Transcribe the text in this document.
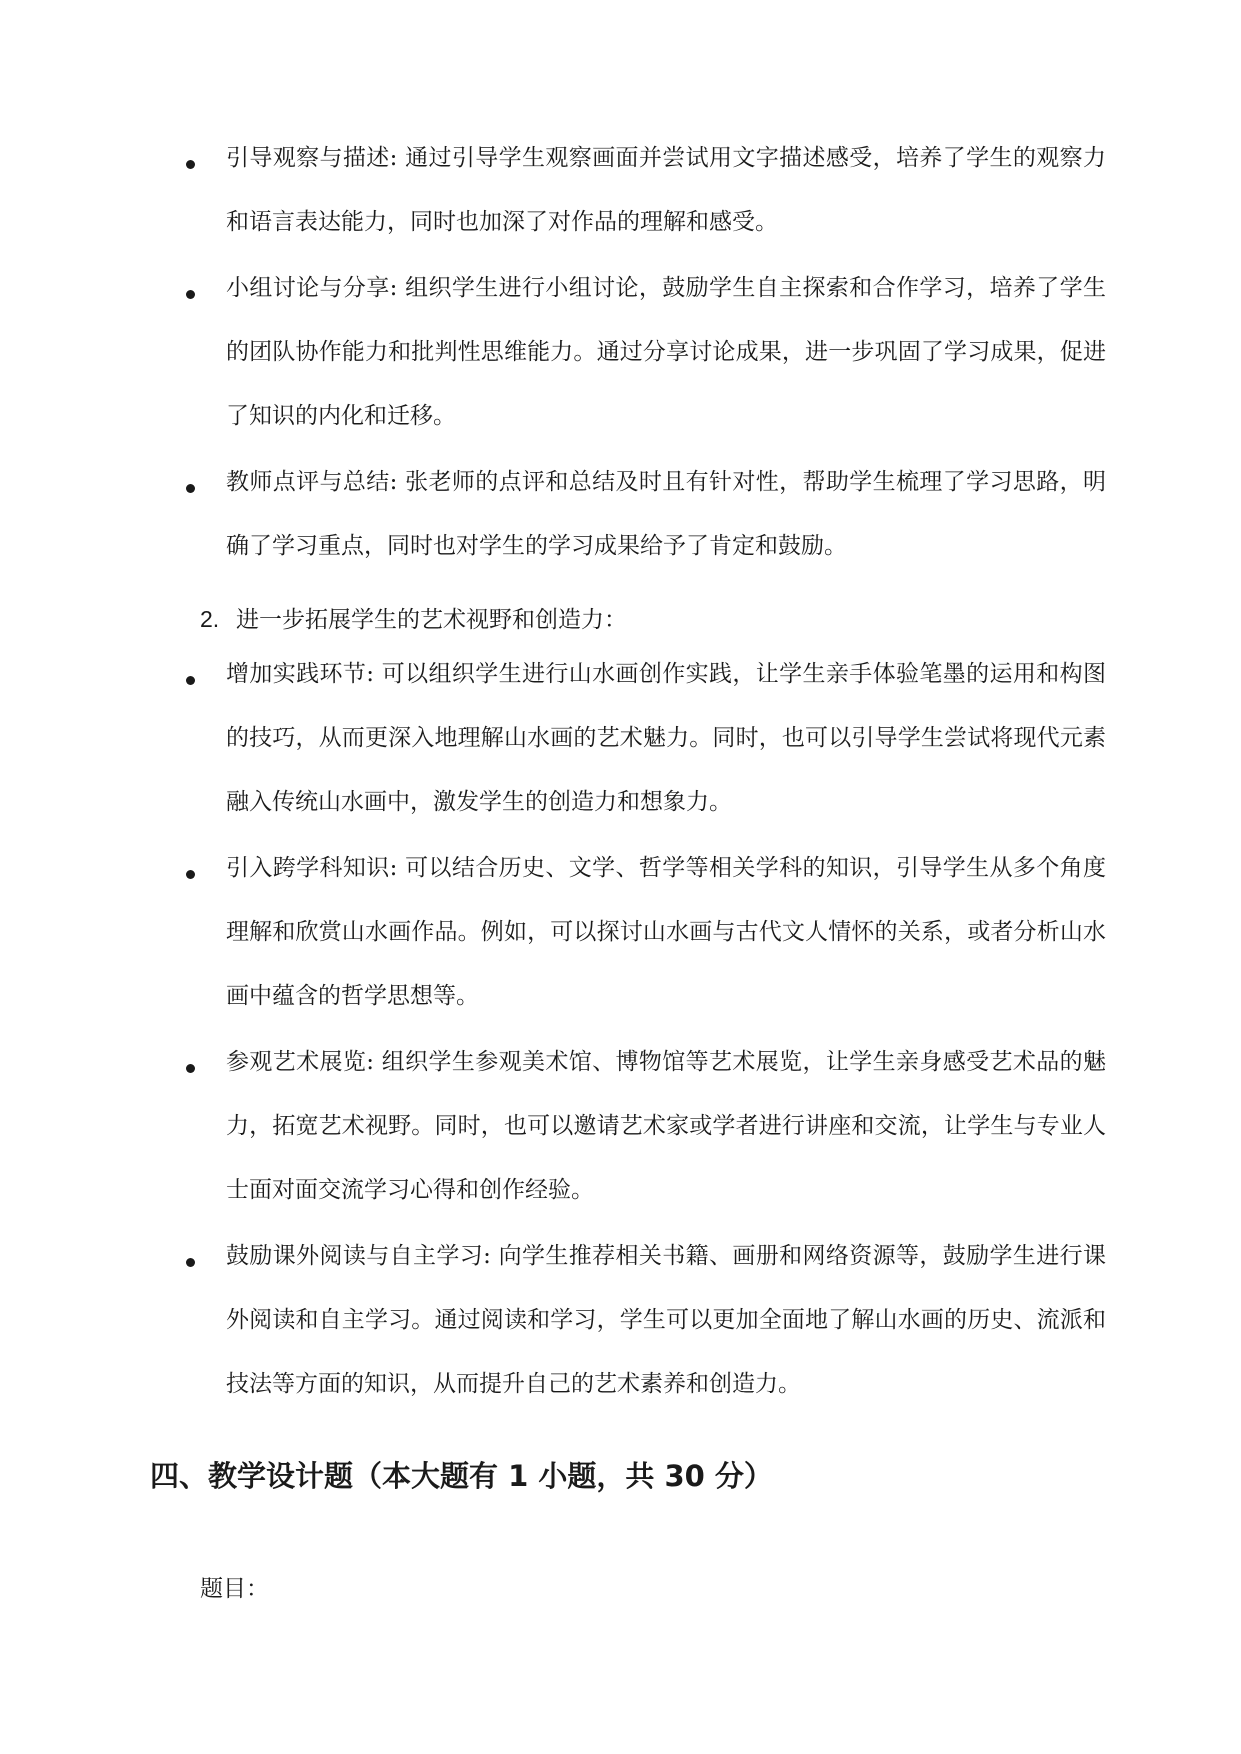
引导观察与描述: 通过引导学生观察画面并尝试用文字描述感受，培养了学生的观察力和语言表达能力，同时也加深了对作品的理解和感受。
小组讨论与分享: 组织学生进行小组讨论，鼓励学生自主探索和合作学习，培养了学生的团队协作能力和批判性思维能力。通过分享讨论成果，进一步巩固了学习成果，促进了知识的内化和迁移。
教师点评与总结: 张老师的点评和总结及时且有针对性，帮助学生梳理了学习思路，明确了学习重点，同时也对学生的学习成果给予了肯定和鼓励。
2. 进一步拓展学生的艺术视野和创造力：
增加实践环节: 可以组织学生进行山水画创作实践，让学生亲手体验笔墨的运用和构图的技巧，从而更深入地理解山水画的艺术魅力。同时，也可以引导学生尝试将现代元素融入传统山水画中，激发学生的创造力和想象力。
引入跨学科知识: 可以结合历史、文学、哲学等相关学科的知识，引导学生从多个角度理解和欣赏山水画作品。例如，可以探讨山水画与古代文人情怀的关系，或者分析山水画中蕴含的哲学思想等。
参观艺术展览: 组织学生参观美术馆、博物馆等艺术展览，让学生亲身感受艺术品的魅力，拓宽艺术视野。同时，也可以邀请艺术家或学者进行讲座和交流，让学生与专业人士面对面交流学习心得和创作经验。
鼓励课外阅读与自主学习: 向学生推荐相关书籍、画册和网络资源等，鼓励学生进行课外阅读和自主学习。通过阅读和学习，学生可以更加全面地了解山水画的历史、流派和技法等方面的知识，从而提升自己的艺术素养和创造力。
四、教学设计题（本大题有 1 小题，共 30 分）
题目：
